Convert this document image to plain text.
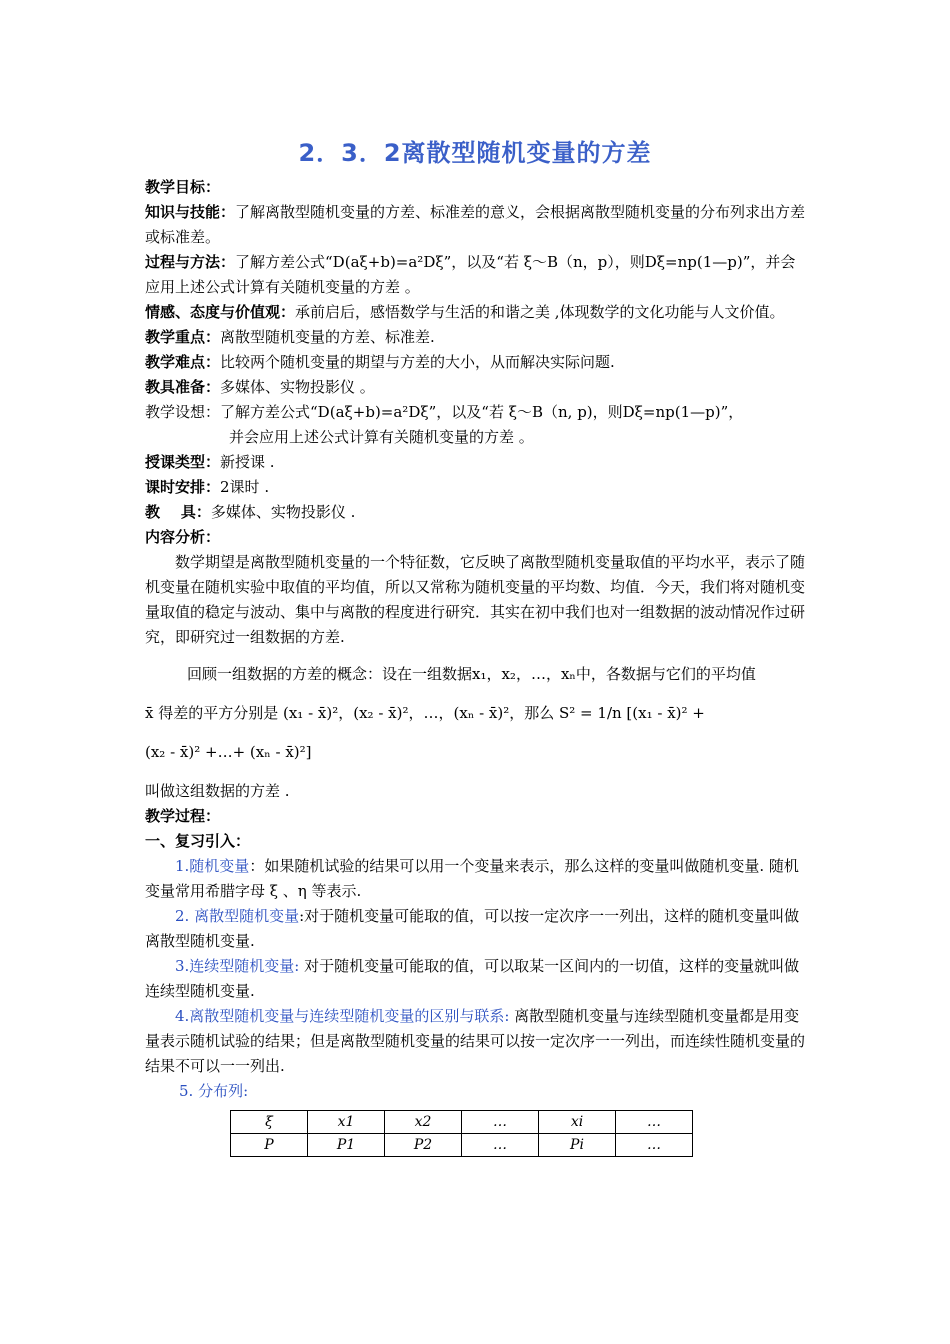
2．3．2离散型随机变量的方差

教学目标：

知识与技能：了解离散型随机变量的方差、标准差的意义，会根据离散型随机变量的分布列求出方差或标准差。

过程与方法：了解方差公式“D(aξ+b)=a²Dξ”，以及“若 ξ～B（n，p），则Dξ=np(1—p)”，并会应用上述公式计算有关随机变量的方差 。

情感、态度与价值观：承前启后，感悟数学与生活的和谐之美 ,体现数学的文化功能与人文价值。

教学重点：离散型随机变量的方差、标准差.

教学难点：比较两个随机变量的期望与方差的大小，从而解决实际问题.

教具准备：多媒体、实物投影仪 。

教学设想：了解方差公式“D(aξ+b)=a²Dξ”，以及“若 ξ～B（n, p)，则Dξ=np(1—p)”，

并会应用上述公式计算有关随机变量的方差 。

授课类型：新授课 .

课时安排：2课时 .

教    具：多媒体、实物投影仪 .

内容分析：

数学期望是离散型随机变量的一个特征数，它反映了离散型随机变量取值的平均水平，表示了随机变量在随机实验中取值的平均值，所以又常称为随机变量的平均数、均值．今天，我们将对随机变量取值的稳定与波动、集中与离散的程度进行研究．其实在初中我们也对一组数据的波动情况作过研究，即研究过一组数据的方差.

回顾一组数据的方差的概念：设在一组数据x₁，x₂，…，xₙ中，各数据与它们的平均值

x̄ 得差的平方分别是 (x₁ - x̄)²，(x₂ - x̄)²，…，(xₙ - x̄)²，那么 S² = 1/n [(x₁ - x̄)² +

(x₂ - x̄)² +…+ (xₙ - x̄)²]

叫做这组数据的方差 .

教学过程：

一、复习引入：

1.随机变量：如果随机试验的结果可以用一个变量来表示，那么这样的变量叫做随机变量. 随机变量常用希腊字母 ξ 、η 等表示.

2. 离散型随机变量:对于随机变量可能取的值，可以按一定次序一一列出，这样的随机变量叫做离散型随机变量.

3.连续型随机变量: 对于随机变量可能取的值，可以取某一区间内的一切值，这样的变量就叫做连续型随机变量.

4.离散型随机变量与连续型随机变量的区别与联系: 离散型随机变量与连续型随机变量都是用变量表示随机试验的结果；但是离散型随机变量的结果可以按一定次序一一列出，而连续性随机变量的结果不可以一一列出.

5. 分布列:

ξ	x1	x2	…	xi	…
P	P1	P2	…	Pi	…
